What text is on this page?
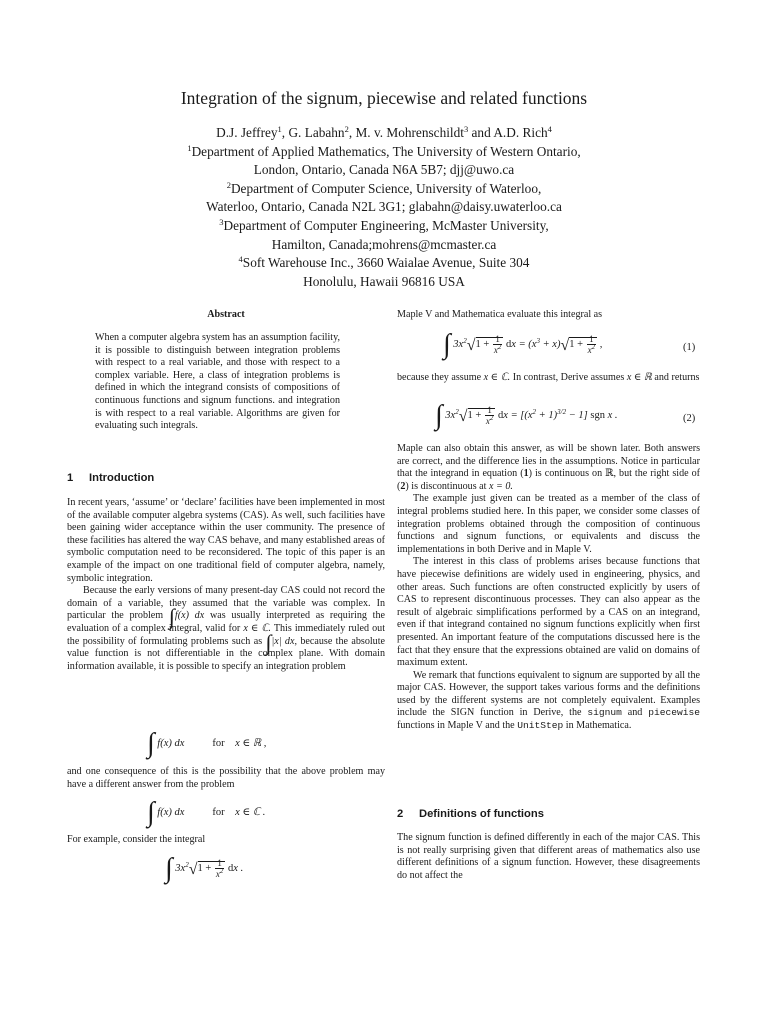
Integration of the signum, piecewise and related functions
D.J. Jeffrey$^1$, G. Labahn$^2$, M. v. Mohrenschildt$^3$ and A.D. Rich$^4$
$^1$Department of Applied Mathematics, The University of Western Ontario,
London, Ontario, Canada N6A 5B7; djj@uwo.ca
$^2$Department of Computer Science, University of Waterloo,
Waterloo, Ontario, Canada N2L 3G1; glabahn@daisy.uwaterloo.ca
$^3$Department of Computer Engineering, McMaster University,
Hamilton, Canada;mohrens@mcmaster.ca
$^4$Soft Warehouse Inc., 3660 Waialae Avenue, Suite 304
Honolulu, Hawaii 96816 USA
Abstract
When a computer algebra system has an assumption facility, it is possible to distinguish between integration problems with respect to a real variable, and those with respect to a complex variable. Here, a class of integration problems is defined in which the integrand consists of compositions of continuous functions and signum functions. and integration is with respect to a real variable. Algorithms are given for evaluating such integrals.
1 Introduction

In recent years, ‘assume’ or ‘declare’ facilities have been implemented in most of the available computer algebra systems (CAS). As well, such facilities have been gaining wider acceptance within the user community. The presence of these facilities has altered the way CAS behave, and many established areas of symbolic computation need to be reconsidered. The topic of this paper is an example of the impact on one traditional field of computer algebra, namely, symbolic integration.

Because the early versions of many present-day CAS could not record the domain of a variable, they assumed that the variable was complex. In particular the problem ∫f(x) dx was usually interpreted as requiring the evaluation of a complex integral, valid for x ∈ ℂ. This immediately ruled out the possibility of formulating problems such as ∫|x| dx, because the absolute value function is not differentiable in the complex plane. With domain information available, it is possible to specify an integration problem

∫ f(x) dx	for x ∈ ℝ ,
and one consequence of this is the possibility that the above problem may have a different answer from the problem
∫ f(x) dx	for x ∈ ℂ .
For example, consider the integral
∫ $3x^2√1 + \frac{1}{x^2}$ dx .
Maple V and Mathematica evaluate this integral as
∫ $3x^2√1 + \frac{1}{x^2}$ dx = $(x^3 + x)√1 + \frac{1}{x^2}$ ,	(1)
because they assume x ∈ ℂ. In contrast, Derive assumes x ∈ ℝ and returns
∫ $3x^2√1 + \frac{1}{x^2}$ dx = $[(x^2 + 1)^{3/2} - 1]$ sgn x .	(2)

Maple can also obtain this answer, as will be shown later. Both answers are correct, and the difference lies in the assumptions. Notice in particular that the integrand in equation (1) is continuous on ℝ, but the right side of (2) is discontinuous at x = 0.

The example just given can be treated as a member of the class of integral problems studied here. In this paper, we consider some classes of integration problems obtained through the composition of continuous functions and signum functions, or equivalents and discuss the implementations in both Derive and in Maple V.

The interest in this class of problems arises because functions that have piecewise definitions are widely used in engineering, physics, and other areas. Such functions are often constructed explicitly by users of CAS to represent discontinuous processes. They can also appear as the result of algebraic simplifications performed by a CAS on an integrand, even if that integrand contained no signum functions explicitly when first presented. An important feature of the computations discussed here is the fact that they ensure that the expressions obtained are valid on domains of maximum extent.

We remark that functions equivalent to signum are supported by all the major CAS. However, the support takes various forms and the definitions used by the different systems are not completely equivalent. Examples include the SIGN function in Derive, the signum and piecewise functions in Maple V and the UnitStep in Mathematica.

2 Definitions of functions
The signum function is defined differently in each of the major CAS. This is not really surprising given that different areas of mathematics also use different definitions of a signum function. However, these disagreements do not affect the
